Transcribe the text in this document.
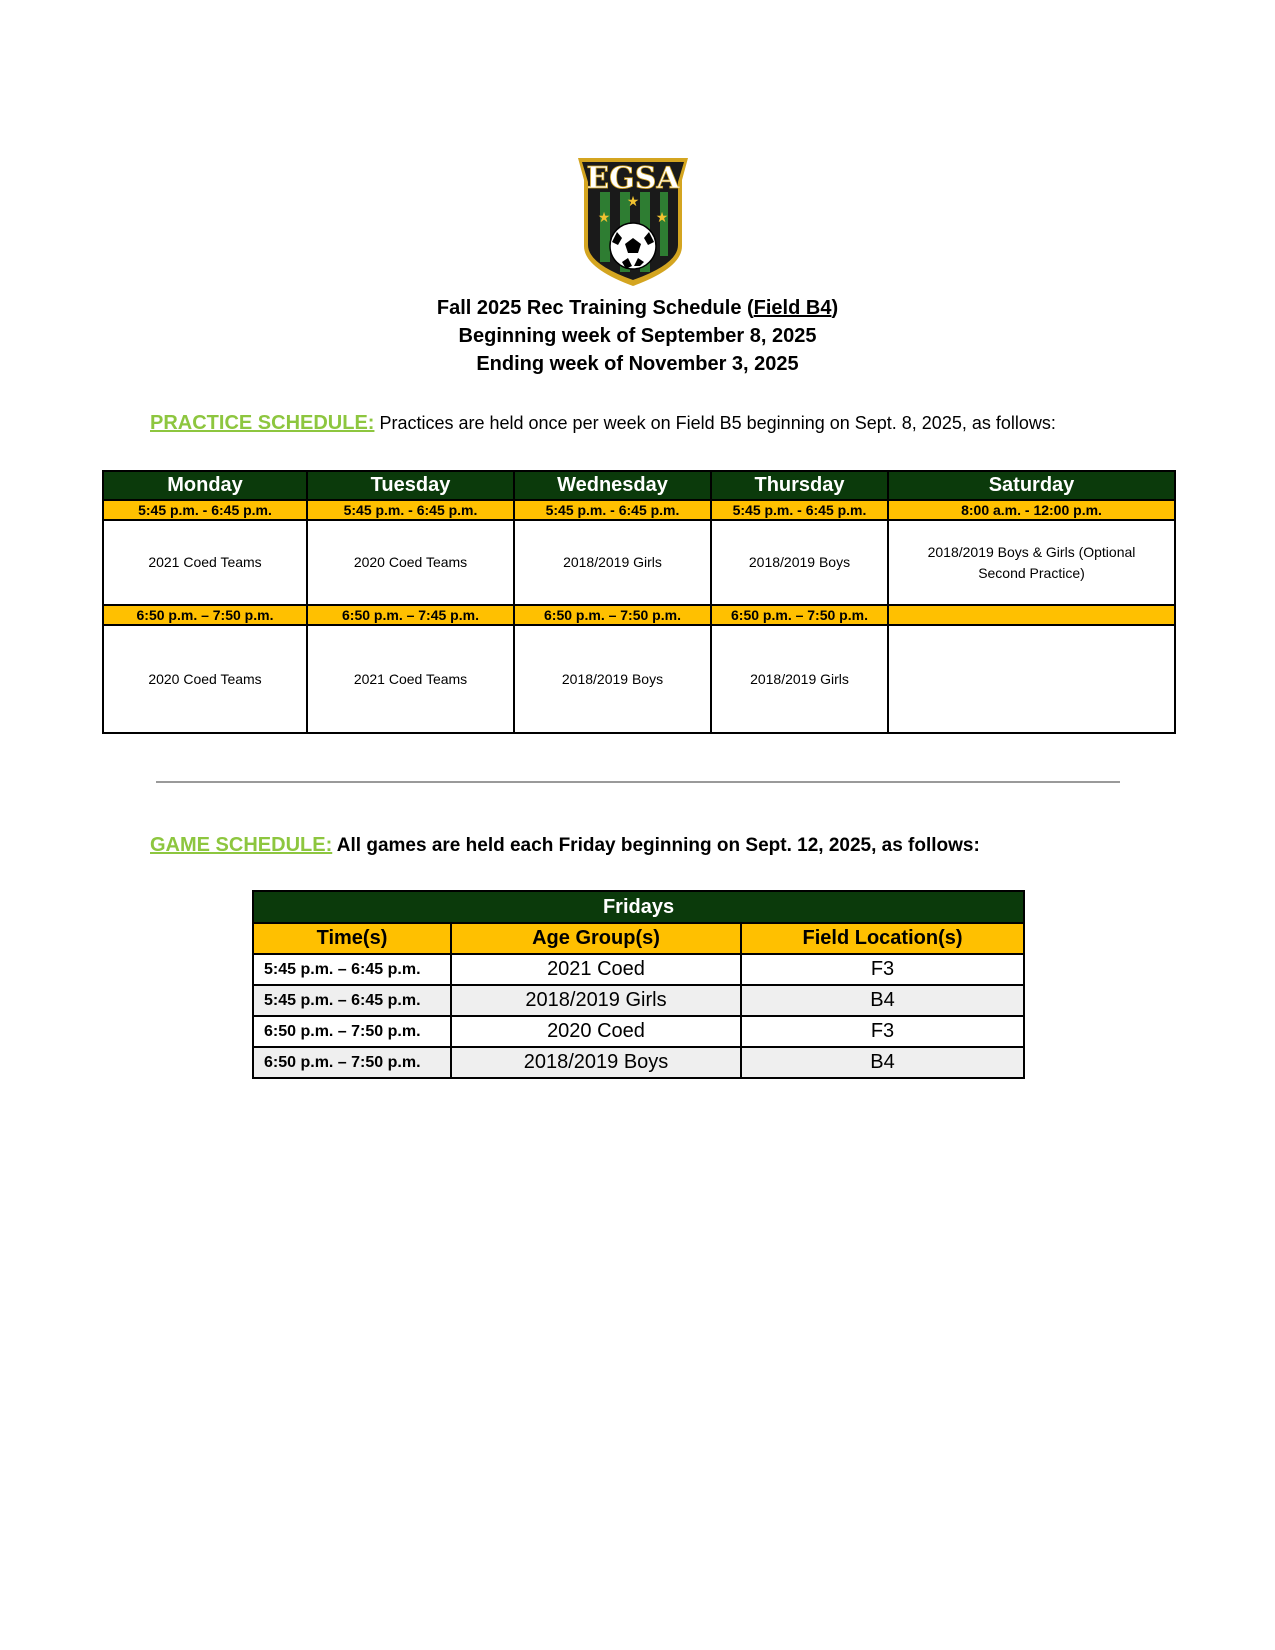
EGSA
★
★
★
Fall 2025 Rec Training Schedule (Field B4)
Beginning week of September 8, 2025
Ending week of November 3, 2025
PRACTICE SCHEDULE: Practices are held once per week on Field B5 beginning on Sept. 8, 2025, as follows:
Monday	Tuesday	Wednesday	Thursday	Saturday
5:45 p.m. - 6:45 p.m.	5:45 p.m. - 6:45 p.m.	5:45 p.m. - 6:45 p.m.	5:45 p.m. - 6:45 p.m.	8:00 a.m. - 12:00 p.m.
2021 Coed Teams	2020 Coed Teams	2018/2019 Girls	2018/2019 Boys	2018/2019 Boys & Girls (Optional Second Practice)
6:50 p.m. – 7:50 p.m.	6:50 p.m. – 7:45 p.m.	6:50 p.m. – 7:50 p.m.	6:50 p.m. – 7:50 p.m.	
2020 Coed Teams	2021 Coed Teams	2018/2019 Boys	2018/2019 Girls	
GAME SCHEDULE: All games are held each Friday beginning on Sept. 12, 2025, as follows:
Fridays		
Time(s)	Age Group(s)	Field Location(s)
5:45 p.m. – 6:45 p.m.	2021 Coed	F3
5:45 p.m. – 6:45 p.m.	2018/2019 Girls	B4
6:50 p.m. – 7:50 p.m.	2020 Coed	F3
6:50 p.m. – 7:50 p.m.	2018/2019 Boys	B4
